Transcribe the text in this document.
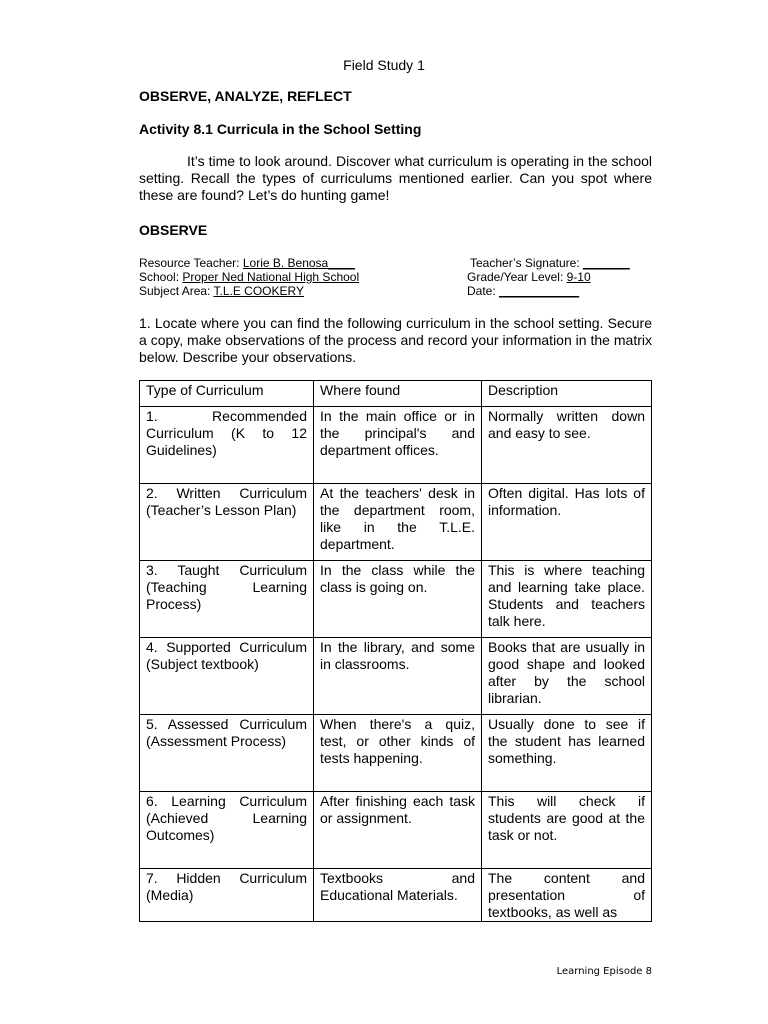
Field Study 1
OBSERVE, ANALYZE, REFLECT
Activity 8.1 Curricula in the School Setting

It’s time to look around. Discover what curriculum is operating in the school setting. Recall the types of curriculums mentioned earlier. Can you spot where these are found? Let’s do hunting game!

OBSERVE
Resource Teacher: Lorie B. Benosa____
School: Proper Ned National High School
Subject Area: T.L.E COOKERY
Teacher’s Signature: _______
Grade/Year Level: 9-10
Date: ____________

1. Locate where you can find the following curriculum in the school setting. Secure a copy, make observations of the process and record your information in the matrix below. Describe your observations.

Type of Curriculum	Where found	Description
1. Recommended Curriculum (K to 12 Guidelines)	In the main office or in the principal's and department offices.	Normally written down and easy to see.
2. Written Curriculum (Teacher’s Lesson Plan)	At the teachers' desk in the department room, like in the T.L.E. department.	Often digital. Has lots of information.
3. Taught Curriculum (Teaching Learning Process)	In the class while the class is going on.	This is where teaching and learning take place. Students and teachers talk here.
4. Supported Curriculum (Subject textbook)	In the library, and some in classrooms.	Books that are usually in good shape and looked after by the school librarian.
5. Assessed Curriculum (Assessment Process)	When there's a quiz, test, or other kinds of tests happening.	Usually done to see if the student has learned something.
6. Learning Curriculum (Achieved Learning Outcomes)	After finishing each task or assignment.	This will check if students are good at the task or not.
7. Hidden Curriculum (Media)	Textbooks and Educational Materials.	The content and presentation of textbooks, as well as
Learning Episode 8
